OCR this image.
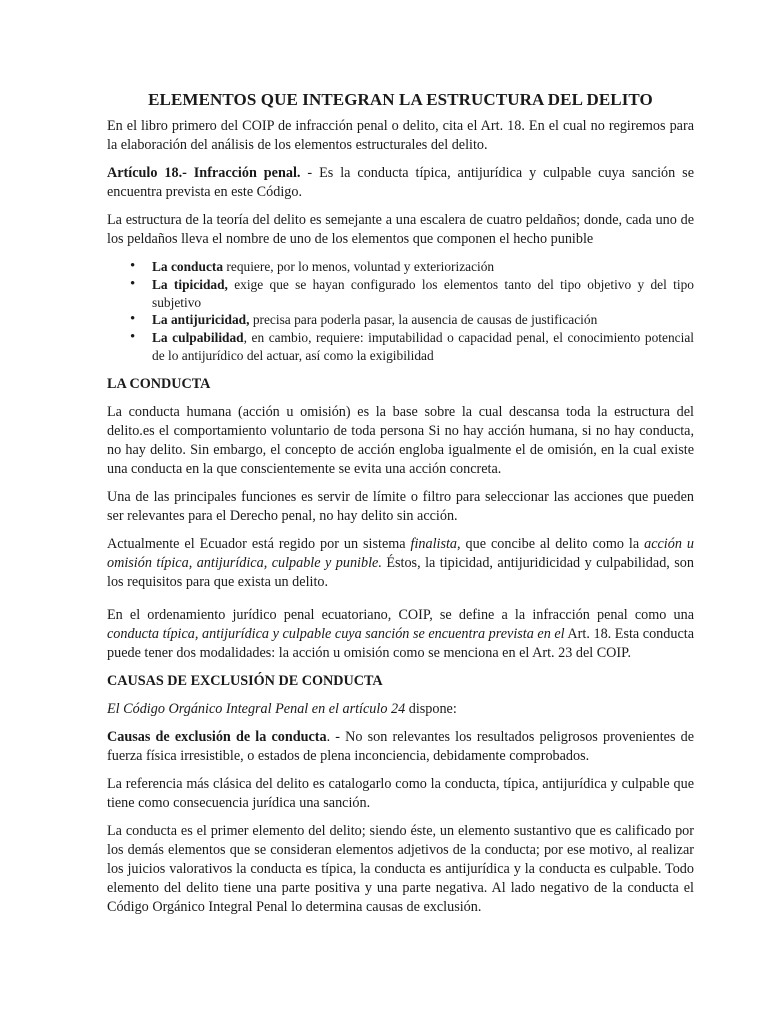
ELEMENTOS QUE INTEGRAN LA ESTRUCTURA DEL DELITO

En el libro primero del COIP de infracción penal o delito, cita el Art. 18. En el cual no regiremos para la elaboración del análisis de los elementos estructurales del delito.

Artículo 18.- Infracción penal. - Es la conducta típica, antijurídica y culpable cuya sanción se encuentra prevista en este Código.

La estructura de la teoría del delito es semejante a una escalera de cuatro peldaños; donde, cada uno de los peldaños lleva el nombre de uno de los elementos que componen el hecho punible

• La conducta requiere, por lo menos, voluntad y exteriorización
• La tipicidad, exige que se hayan configurado los elementos tanto del tipo objetivo y del tipo subjetivo
• La antijuricidad, precisa para poderla pasar, la ausencia de causas de justificación
• La culpabilidad, en cambio, requiere: imputabilidad o capacidad penal, el conocimiento potencial de lo antijurídico del actuar, así como la exigibilidad
LA CONDUCTA

La conducta humana (acción u omisión) es la base sobre la cual descansa toda la estructura del delito.es el comportamiento voluntario de toda persona Si no hay acción humana, si no hay conducta, no hay delito. Sin embargo, el concepto de acción engloba igualmente el de omisión, en la cual existe una conducta en la que conscientemente se evita una acción concreta.

Una de las principales funciones es servir de límite o filtro para seleccionar las acciones que pueden ser relevantes para el Derecho penal, no hay delito sin acción.

Actualmente el Ecuador está regido por un sistema finalista, que concibe al delito como la acción u omisión típica, antijurídica, culpable y punible. Éstos, la tipicidad, antijuridicidad y culpabilidad, son los requisitos para que exista un delito.

En el ordenamiento jurídico penal ecuatoriano, COIP, se define a la infracción penal como una conducta típica, antijurídica y culpable cuya sanción se encuentra prevista en el Art. 18. Esta conducta puede tener dos modalidades: la acción u omisión como se menciona en el Art. 23 del COIP.

CAUSAS DE EXCLUSIÓN DE CONDUCTA

El Código Orgánico Integral Penal en el artículo 24 dispone:

Causas de exclusión de la conducta. - No son relevantes los resultados peligrosos provenientes de fuerza física irresistible, o estados de plena inconciencia, debidamente comprobados.

La referencia más clásica del delito es catalogarlo como la conducta, típica, antijurídica y culpable que tiene como consecuencia jurídica una sanción.

La conducta es el primer elemento del delito; siendo éste, un elemento sustantivo que es calificado por los demás elementos que se consideran elementos adjetivos de la conducta; por ese motivo, al realizar los juicios valorativos la conducta es típica, la conducta es antijurídica y la conducta es culpable. Todo elemento del delito tiene una parte positiva y una parte negativa. Al lado negativo de la conducta el Código Orgánico Integral Penal lo determina causas de exclusión.
